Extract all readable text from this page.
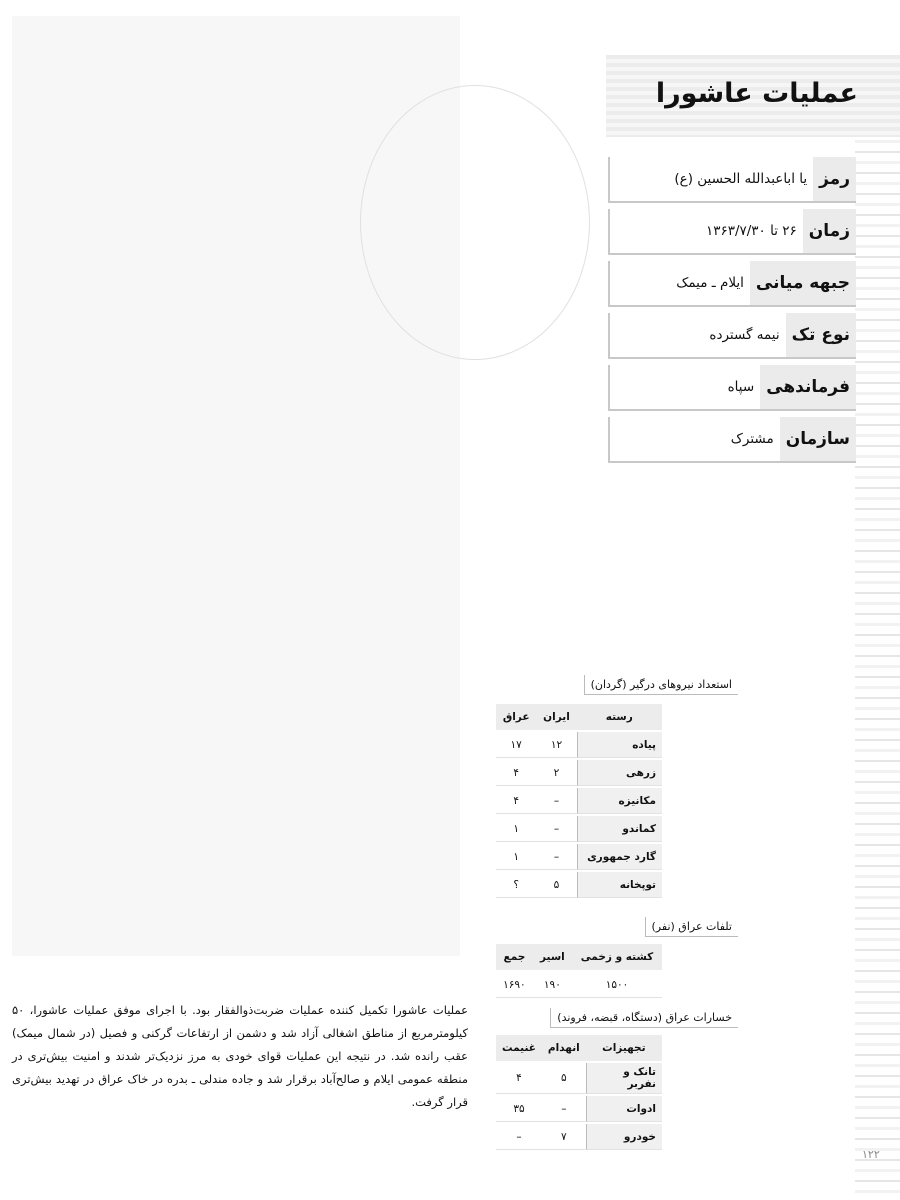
عملیات عاشورا
رمز
یا اباعبدالله الحسین (ع)
زمان
۲۶ تا ۱۳۶۳/۷/۳۰
جبهه میانی
ایلام ـ میمک
نوع تک
نیمه گسترده
فرماندهی
سپاه
سازمان
مشترک
استعداد نیروهای درگیر (گردان)
رسته	ایران	عراق
پیاده	۱۲	۱۷
زرهی	۲	۴
مکانیزه	–	۴
کماندو	–	۱
گارد جمهوری	–	۱
توپخانه	۵	؟
تلفات عراق (نفر)
کشته و زخمی	اسیر	جمع
۱۵۰۰	۱۹۰	۱۶۹۰
خسارات عراق (دستگاه، قبضه، فروند)
تجهیزات	انهدام	غنیمت
تانک و نفربر	۵	۴
ادوات	–	۳۵
خودرو	۷	–

عملیات عاشورا تکمیل کننده عملیات ضربت‌ذوالفقار بود. با اجرای موفق عملیات عاشورا، ۵۰ کیلومترمربع از مناطق اشغالی آزاد شد و دشمن از ارتفاعات گرکنی و فصیل (در شمال میمک) عقب رانده شد. در نتیجه این عملیات قوای خودی به مرز نزدیک‌تر شدند و امنیت بیش‌تری در منطقه عمومی ایلام و صالح‌آباد برقرار شد و جاده مندلی ـ بدره در خاک عراق در تهدید بیش‌تری قرار گرفت.

۱۲۲
